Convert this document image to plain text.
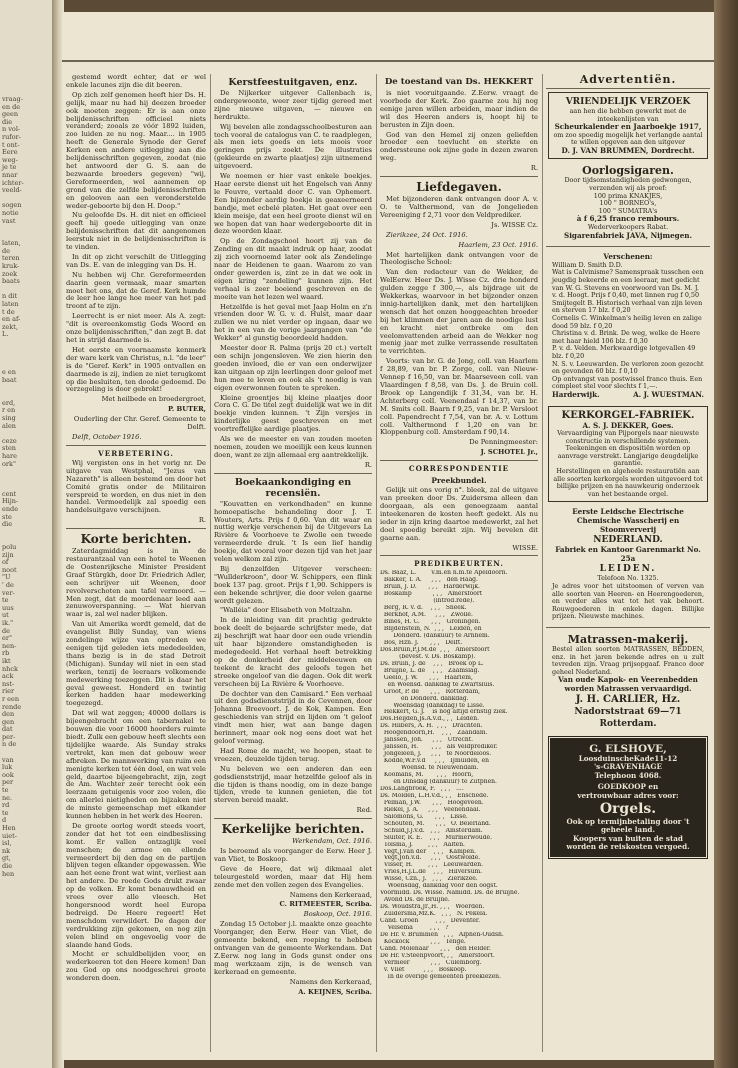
vraag-
en de
geen
die
n vol-
rufor-
t ont-
Eere
weg-
je te
nnar
ichter-
veeld-

sogen
notie
vast

laten,
de
teren
kruk-
zoek
baats

n dit
laten
t de
en af-
zekt,
L.

e en
baat

erd,
r en
sing
alen

ceze
sten
hare
ork"

cent
Hijn-
ende
ste
die

polu
zijn
of
noot
"U
' de
ver-
te
uus
ut
ik."
de
er"
nen-
rb
ikt
nhck
ack
nst-
rier
r een
rende
den
gen
dat
per-
n de

van
luk
ook
per
te
ne.
rd
te
d
Hen
uiet-
isl,
nk
gt,
die
hen

gestemd wordt echter, dat er wel enkele lacunes zijn die dit beeren.

Op zich zelf genomen heeft hier Ds. H. gelijk, maar nu had hij deezen broeder ook moeten zeggen: Er is aan onze belijdenisschriften officieel niets veranderd; zooals ze vóór 1892 luiden, zoo luiden ze nu nog. Maar.... in 1905 heeft de Generale Synode der Geref Kerken een andere uitlegging aan die belijdenisschriften gegeven, zoodat (nie het antwoord der G. S. aan de bezwaarde broeders gegeven) "wij, Gereformeerden, wel aannemen op grond van die zelfde belijdenisschriften en gelooven aan een veronderstelde weder-geboorte bij den H. Doop."

Nu geloofde Ds. H. dit niet en officieel geeft hij goede uitlegging van onze belijdenisschriften dat dit aangenomen leerstuk niet in de belijdenisschriften is te vinden.

In dit op zicht verschilt de Uitlegging van Ds. E. van de inlegging van Ds. H.

Nu hebben wij Chr. Gereformeerden daarin geen vermaak, maar smarten moet het ons, dat de Geref. Kerk humde de leer hoe lange hoe meer van het pad treont af te zijn.

Leerrecht is er niet meer. Als A. zegt: "dit is overeenkomstig Gods Woord en onze belijdenisschriften," dan zegt B. dat het in strijd daarmede is.

Het eerste en voornaamste kenmerk der ware kerk van Christus, n.l. "de leer" is de "Geref. Kerk" in 1905 ontvallen en daarmede is zij, indien ze niet terugkomt op die besluiten, ten doode gedoemd. De verzegeling is door gebrokt!

Met heilbede en broedergroet,

P. BUTER,

Ouderling der Chr. Geref. Gemeente te Delft.

Delft, October 1916.

VERBETERING.

Wij vergisten ons in het vorig nr. De uitgave van Westphal, "Jezus van Nazareth" is alleen bestemd om door het Comité gratis onder de Militairen verspreid te worden, en dus niet in den handel. Vermoedelijk zal spoedig een handelsuitgave verschijnen.

R.

Korte berichten.

Zaterdagmiddag is in de restaurantzaal van een hotel te Weenen de Oostenrijksche Minister President Graaf Stürgkh, door Dr. Friedrich Adler, een schrijver uit Weenen, door revolverschoten aan tafel vermoord. — Men zegt, dat de moordenaar leed aan zenuwoverspanning. — Wat hiervan waar is, zal wel nader blijken.

Van uit Amerika wordt gemeld, dat de evangelist Billy Sunday, van wiens zondelinge wijze van optreden we eenigen tijd geleden iets mededeelden, thans bezig is in de stad Detroit (Michigan). Sunday wil niet in een stad werken, tenzij de leeraars volkomende medewerking toezeggen. Dit is daar het geval geweest. Honderd en twintig kerken hadden haar medewerking toegezegd.

Dat wil wat zeggen; 40000 dollars is bijeengebracht om een tabernakel te bouwen die voor 16000 hoorders ruimte biedt. Zulk een gebouw heeft slechts een tijdelijke waarde. Als Sunday straks vertrekt, kan men dat gebouw weer afbreken. De mannwerking van ruim een menigte kerken tot één doel, en wat vele geld, daartoe bijeengebracht, zijn, zegt de Am. Wachter zeer terecht ook een leerzaam getuigenis voor zoo velen, die om allerlei nietigheden on bijzaken niet de minste gemeenschap met elkander kunnen hebben in het werk des Heeren.

De groote oorlog wordt steeds voort, zonder dat het tot een eindbeslissing komt. Er vallen ontzaglijk veel menschen; de armoe en ellende vermeerdert bij den dag en de partijen blijven tegen elkander opgewassen. Wie aan het eene front wat wint, verliest aan het andere. De roede Gods drukt zwaar op de volken. Er komt benauwdheid en vrees over alle vleesch. Het hongersnood wordt heel Europa bedreigd. De Heere regeert! Het menschdom verwildert. De dagen der verdrukking zijn gekomen, en nog zijn velen blind en ongevoelig voor de slaande hand Gods.

Mocht er schuldbelijden voor, en wederkeeren tot den Heere komen! Dan zou God op ons noodgeschrei groote wonderen doen.

Kerstfeestuitgaven, enz.

De Nijkerker uitgever Callenbach is, ondergewoonte, weer zeer tijdig gereed met zijne nieuwe uitgaven, — nieuwe en herdrukte.

Wij bevelen alle zondagsschoolbesturen aan toch vooral de catalogus van C. te raadplegen, als men iets goeds en iets moois voor geringen prijs zoekt. De illustraties (gekleurde en zwarte plaatjes) zijn uitnemend uitgevoerd.

We noemen er hier vast enkele boekjes. Haar eerste dienst uit het Engelsch van Anny le Feuvre, vertaald door C. van Ophemert. Een bijzonder aardig boekje in geaxeerneerd bandje, met ecbelé platen. Het gaat over een klein meisje, dat een heel groote dienst wil en we hopen dat van haar wedergeboorte dit in deze woorden klaar.

Op de Zondagschool hoort zij van de Zending en dit maakt indruk op haar, zoodat zij zich voornoemd later ook als Zendelinge naar de Heidenen te gaan. Waarom zo van onder gewerden is, zint ze in dat we ook in eigen kring "zendeling" kunnen zijn. Het verhaal is zeer boeiend geschreven en de moeite van het lezen wel waard.

Hetzelfde is het geval met Jaap Holm en z'n vrienden door W. G. v. d. Hulst, maar daar zullen we nu niet verder op ingaan, daar we het in een van de vorige jaargangen van "de Wekker" al gunstig beoordeeld hadden.

Meester door R. Palma (prijs 20 ct.) vertelt een schijn jongensleven. We zien hierin den goeden invloed, die er van een onderwijzer kan uitgaan op zijn leerlingen door geloof met hun mee te leven en ook als 't noodig is van eigen overwonnen fouten te spreken.

Kleine groentjes bij kleine plaatjes door Cora C. G. De titel zegt duidelijk wat we in dit boekje vinden kunnen. 't Zijn versjes in kinderlijke geest geschreven en met voortreffelijke aardige plaatjes.

Als we de meester en van zouden moeten noemen, zouden we moeilijk een keus kunnen doen, want ze zijn allemaal erg aantrekkelijk.

R.

Boekaankondiging en recensiën.

"Kouvatten en verkondhaden" en kunne homoepatische behandeling door J. T. Wouters, Arts. Prijs f 0,60. Van dit waar en nuttig werkje verschenen bij de Uitgevers La Rivière & Voorhoeve te Zwolle een tweede vermeerderde druk. 't Is een lief handig boekje, dat vooral voor dezen tijd van het jaar velen welkom zal zijn.

Bij denzelfden Uitgever verscheen: "Wullderkroon", door W. Schippers, een flink boek 137 pag. groot. Prijs f 1,90. Schippers is een bekende schrijver, die door velen gaarne wordt gelezen.

"Walléia" door Elisabeth von Moltzahn.

In de inleiding van dit prachtig gedrukte boek deelt de bejaarde schrijfster mede, dat zij beschrijft wat haar door een oude vriendin uit haar bijzondere omstandigheden is medegedeeld. Het verhaal heeft betrekking op de donkerheid der middeleeuwen en teekent de kracht des geloofs tegen het streeke ongeloof van die dagen. Ook dit werk verscheen bij La Rivière & Voorhoeve.

De dochter van den Camisard." Een verhaal uit den godsdienststrijd in de Cevennen, door Johanna Breevoort. J. de Kok, Kampen. Een geschiedenis van strijd en lijden om 't geloof vindt men hier, wat aan bange dagen herinnert, maar ook nog eens doet wat het geloof vermag.

Had Rome de macht, we hoopen, staat te vreezen, deuzelde tijden terug.

Nu beleven we een anderen dan een godsdienststrijd, maar hetzelfde geloof als in die tijden is thans noodig, om in deze bange tijden, vrede te kunnen genieten, die tot sterven bereid maakt.

Red.

Kerkelijke berichten.

Werkendam, Oct. 1916.

Is beroemd als voorganger de Eerw. Heer J. van Vliet, te Boskoop.

Geve de Heere, dat wij dikmaal alet teleurgesteld worden, maar dat Hij hem zende met den vollen zegen des Evangelies.

Namens den Kerkeraad,

C. RITMEESTER, Scriba.

Boskoop, Oct. 1916.

Zondag 15 October j.l. maakte onze geachte Voorganger, den Eerw. Heer van Vliet, de gemeente bekend, een roeping te hebben ontvangen van de gemeente Werkendam. Dat Z.Eerw. nog lang in Gods gunst onder ons mag werkzaam zijn, is de wensch van kerkeraad en gemeente.

Namens den Kerkeraad,

A. KEIJNES, Scriba.

De toestand van Ds. HEKKERT

is niet vooruitgaande. Z.Eerw. vraagt de voorbede der Kerk. Zoo gaarne zou hij nog eenige jaren willen arbeiden, maar indien de wil des Heeren anders is, hoopt hij te berusten in Zijn doen.

God van den Hemel zij onzen geliefden broeder een toevlucht en sterkte en onderssteune ook zijne gade in dezen zwaren weg.

R.

Liefdegaven.

Met bijzonderen dank ontvangen door A. v. O. te Valthermond, van de Jongelieden Vereeniging f 2,71 voor den Veldprediker.

Js. WISSE Cz.

Zierikzee, 24 Oct. 1916.

Haarlem, 23 Oct. 1916.

Met hartelijken dank ontvangen voor de Theologische School:

Van den redacteur van de Wekker, de WelEerw. Heer Ds. J. Wisse Cz. drie honderd gulden zegge f 300,—, als bijdrage uit de Wekkerkas, waarvoor in het bijzonder onzen innig-hartelijken dank, met den hartelijken wensch dat het onzen hooggeachten broeder bij het klimmen der jaren aan de noodige lust en kracht niet ontbreke om den veelomvattenden arbeid aan de Wekker nog menig jaar met zulke verrassende resultaten te verrichten.

Voorts: van br. G. de Jong, coll. van Haarlem f 28,89, van br. P. Zorge, coll. van Nieuw-Vennep f 16,50, van br. Maarseveen coll. van Vlaardingen f 8,58, van Ds. J. de Bruin coll. Broek op Langendijk f 31,34, van br. H. Achterberg coll. Veenendaal f 14,37, van br. M. Smits coll. Baarn f 9,25, van br. P. Versloot coll. Papendrecht f 7,54, van br. A. v. Lottum coll. Valthermond f 1,20 en van br. Kloppenburg coll. Amsterdam f 90,14.

De Penningmeester:

J. SCHOTEL Jr.,

CORRESPONDENTIE
Preekbundel.

Gelijk uit ons vorig n°. bleek, zal de uitgave van preeken door Ds. Zuidersma alleen dan doorgaan, als een genoegzaam aantal inteekenaren de kosten heeft gedekt. Als nu ieder in zijn kring daartoe medewerkt, zal het doel spoedig bereikt zijn. Wij bevelen dit gaarne aan.

WISSE.

PREDIKBEURTEN.
Ds. Baaz, L.        v.m.en n.m.te Apeldoorn.
Bakker, T. A.     , , ,   den Haag.
Bruin, J. D.      , , ,   Harderwijk.
Boskamp           , , ,   Amersfoort
(introd.rede).
Berg, R. v. d.    , , ,   Sneek.
Berkhof, A.M.     , , ,   Zwolle.
Bines, H. C.      , , ,   Groningen.
Blijdenstein, N.  , , ,   Leiden, en
Donderd. (dankuur) te Arnhem.
Bos, Hzn. J.      , , ,   Delft.
Dos.Bruin,P.J.M.de  , , ,   Amersfoort
(bevest. v. Ds. Boskamp).
Ds. Bruin, J. de    , , ,   Broek op L.
Bruijne, L. de    , , ,   Zaamslag.
Geelo, J. W.      , , ,   Haarlem,
en Woensd. dankdag te Zwartsluis.
Groot, P. de      , , ,   Rotterdam,
en Donderd. dankdag.
Woensdag (dankdag) te Lisse.
Hekkert, G. J.    is nog altijd ernstig ziek.
Dos.Heijden,Js.A.v.d., , ,  Leiden.
Ds. Hilbers, A. H.  , , ,   Drachten.
Hoogendoorn,H.    , , ,   Zaandam.
Janssen, Joh.     , , ,   Utrecht.
Janssen, H.       , , ,   als Veldprediker.
Jongeleen, J.     , , ,   te Noordeloos.
Kodde,W.F.v.d     , , ,   IJmuiden, en
Woensd. te Nieuwendam.
Koomans, M.       , , ,   Hoorn,
en Dinsdag (dankuur) te Zutphen.
Dos.Langbroek, F.   , , ,   ....
Ds. Molden, L.H.v.d., , ,   Enschede.
Pelman, J.W.      , , ,   Hoogeveen.
Riekel, J. A.     , , ,   Veenendaal.
Salomons, G.      , , ,   Lisse.
Schouten, M.      , , ,   O. Beierland.
Schuld,J.J.v.d.   , , ,   Amsterdam.
Sluiter, R. E.    , , ,   Murmerwoude.
Tolsma, J.        , , ,   Aalten.
Vegt,J.van der    , , ,   Kampen.
Vegt,Joh.v.d.     , , ,   Oostwolde.
Visser, H.        , , ,   Leeuwarden.
Vries,H.J.L.de    , , ,   Hilversum.
Wisse, Czn., J.   , , ,   Zierikzee.
Woensdag, dankdag voor den oogst.
Voormidd. Ds. Wisse. Namidd. Ds. de Bruijne.
Avond Ds. de Bruijne.
Ds. Woudstra,Jr.,H. , , ,   Woerden.
Zuidersma,Mz.K.   , , ,   N. Pekela.
Cand. Groen         , , ,   Deventer.
Velsema         , , ,   ?
De Hr. v. Brummen   , , ,   Alphen-Oudsh.
Kockock           , , ,   Tenge.
Cand. Molenaar      , , ,   den Helder.
De Hr. v.Steenpvoort, , ,   Amersfoort.
Vermeer           , , ,   Culemborg.
v. Vliet          , , ,   Boskoop.
In de overige gemeenten preeklezen.
Advertentiën.
VRIENDELIJK VERZOEK
aan hen die hebben gewerkt met de inteekenlijsten van
Scheurkalender en Jaarboekje 1917,
om zoo spoedig mogelijk het verlangde aantal te willen opgeven aan den uitgever
D. J. VAN BRUMMEN, Dordrecht.
Oorlogsigaren.
Door tijdsomstandigheden gedwongen, verzenden wij als proef:
100 prima KNAKJES,
100 " BORNEO's,
100 " SUMATRA's
à f 6,25 franco rembours.
Wederverkoopers Rabat.
Sigarenfabriek JAVA, Nijmegen.
Verschenen:
William D. Smith D.D.
Wat is Calvinisme? Samenspraak tusschen een jeugdig bekeerde en een leeraar, met gedicht van W. G. Stevens en voorwoord van Ds. M. J. v. d. Hoogt. Prijs f 0,40, met linnen rug f 0,50
Smijtegelt B. Historisch verhaal van zijn leven en sterven 17 blz. f 0,20
Cornelis C. Winkelman's heilig leven en zalige dood 59 blz. f 0,20
Christina v. d. Brink. De weg, welke de Heere met haar hield 106 blz. f 0,30
P. v. d. Velden. Merkwaardige lotgevallen 49 blz. f 0,20
N. S. v. Leeuwarden. De verloren zoon gezocht en gevonden 60 blz. f 0,10
Op ontvangst van postwissel franco thuis. Een compleet stel voor slechts f 1,—.
Harderwijk.	A. J. WUESTMAN.
KERKORGEL-FABRIEK.
A. S. J. DEKKER, Goes.
Vervaardiging van Pijporgels naar nieuwste constructie in verschillende systemen. Teekeningen en dispositiën worden op aanvrage verstrekt. Langjarige deugdelijke garantie.
Herstellingen en algeheele restauratiën aan alle soorten kerkorgels worden uitgevoerd tot billijke prijzen en na nauwkeurig onderzoek van het bestaande orgel.
Eerste Leidsche Electrische Chemische Wasscherij en Stoomververij
NEDERLAND.
Fabriek en Kantoor Garenmarkt No. 25a
LEIDEN.
Telefoon No. 1325.
Je adres voor het uitstoomen of verven van alle soorten van Heeren- en Heerengoederen, en verder alles wat tot het vak behoort. Rouwgoederen in enkele dagen. Billijke prijzen. Nieuwste machines.
Matrassen-makerij.
Bestel allen soorten MATRASSEN, BEDDEN, enz. in het jaren bekende adres en u zult tevreden zijn. Vraag prijsopgaaf. Franco door geheel Nederland.
Van oude Kapok- en Veerenbedden worden Matrassen vervaardigd.
J. H. CARLIER, Hz.
Nadorststraat 69—71 Rotterdam.
G. ELSHOVE,
LoosduinscheKade11-12
's-GRAVENHAGE
Telephoon 4068.
GOEDKOOP en
vertrouwbaar adres voor:
Orgels.
Ook op termijnbetaling door 't geheele land.
Koopers van buiten de stad worden de reiskosten vergoed.
